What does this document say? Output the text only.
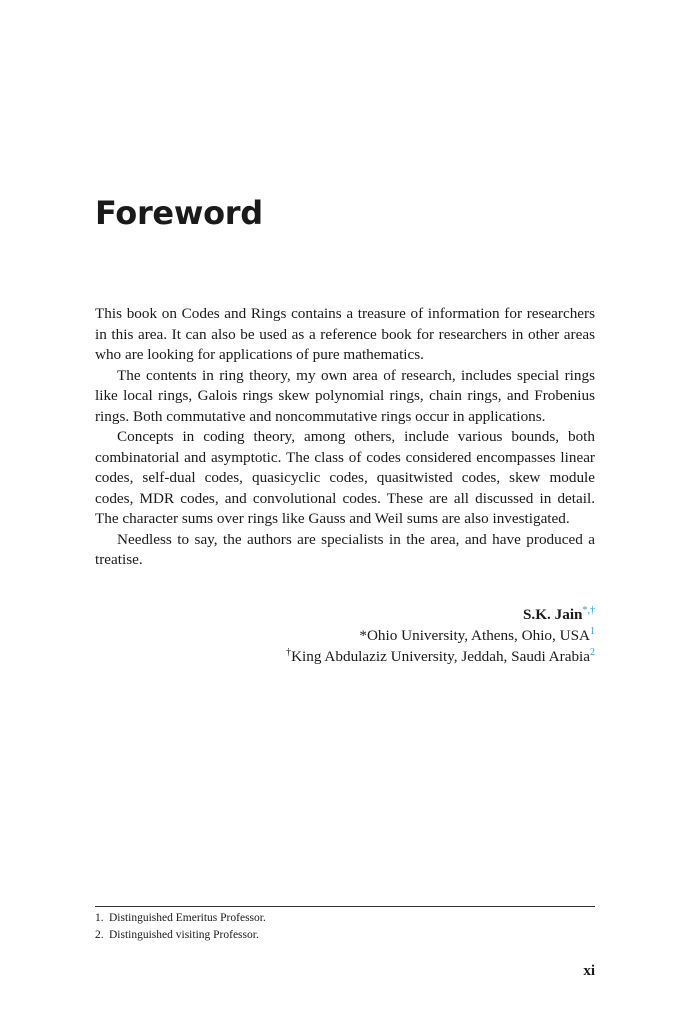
Foreword

This book on Codes and Rings contains a treasure of information for researchers in this area. It can also be used as a reference book for researchers in other areas who are looking for applications of pure mathematics.

The contents in ring theory, my own area of research, includes special rings like local rings, Galois rings skew polynomial rings, chain rings, and Frobenius rings. Both commutative and noncommutative rings occur in applications.

Concepts in coding theory, among others, include various bounds, both combinatorial and asymptotic. The class of codes considered encompasses linear codes, self-dual codes, quasicyclic codes, quasitwisted codes, skew module codes, MDR codes, and convolutional codes. These are all discussed in detail. The character sums over rings like Gauss and Weil sums are also investigated.

Needless to say, the authors are specialists in the area, and have produced a treatise.

S.K. Jain*,†
*Ohio University, Athens, Ohio, USA$^1$
†King Abdulaziz University, Jeddah, Saudi Arabia$^2$
1. Distinguished Emeritus Professor.
2. Distinguished visiting Professor.
xi
